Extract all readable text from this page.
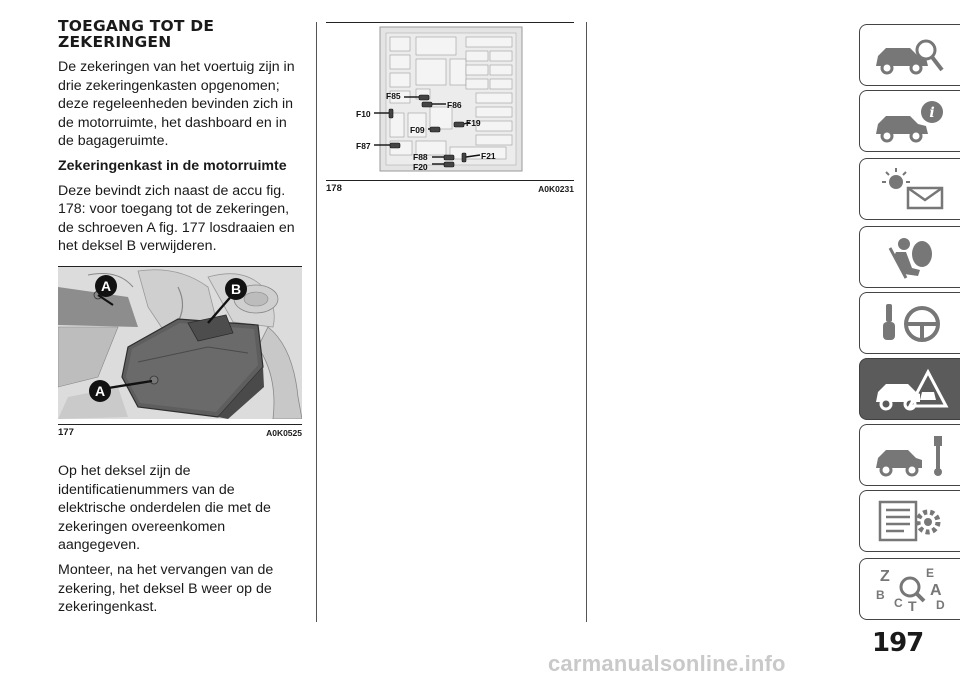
TOEGANG TOT DE
ZEKERINGEN

De zekeringen van het voertuig zijn in drie zekeringenkasten opgenomen; deze regeleenheden bevinden zich in de motorruimte, het dashboard en in de bagageruimte.

Zekeringenkast in de motorruimte

Deze bevindt zich naast de accu fig. 178: voor toegang tot de zekeringen, de schroeven A fig. 177 losdraaien en het deksel B verwijderen.

A	B
A
177	A0K0525

Op het deksel zijn de identificatienummers van de elektrische onderdelen die met de zekeringen overeenkomen aangegeven.

Monteer, na het vervangen van de zekering, het deksel B weer op de zekeringenkast.

F85
F86
F10
F19
F09
F87
F88	F21
F20
178	A0K0231
i
Z	E
B
C T
A
D
197
carmanualsonline.info
